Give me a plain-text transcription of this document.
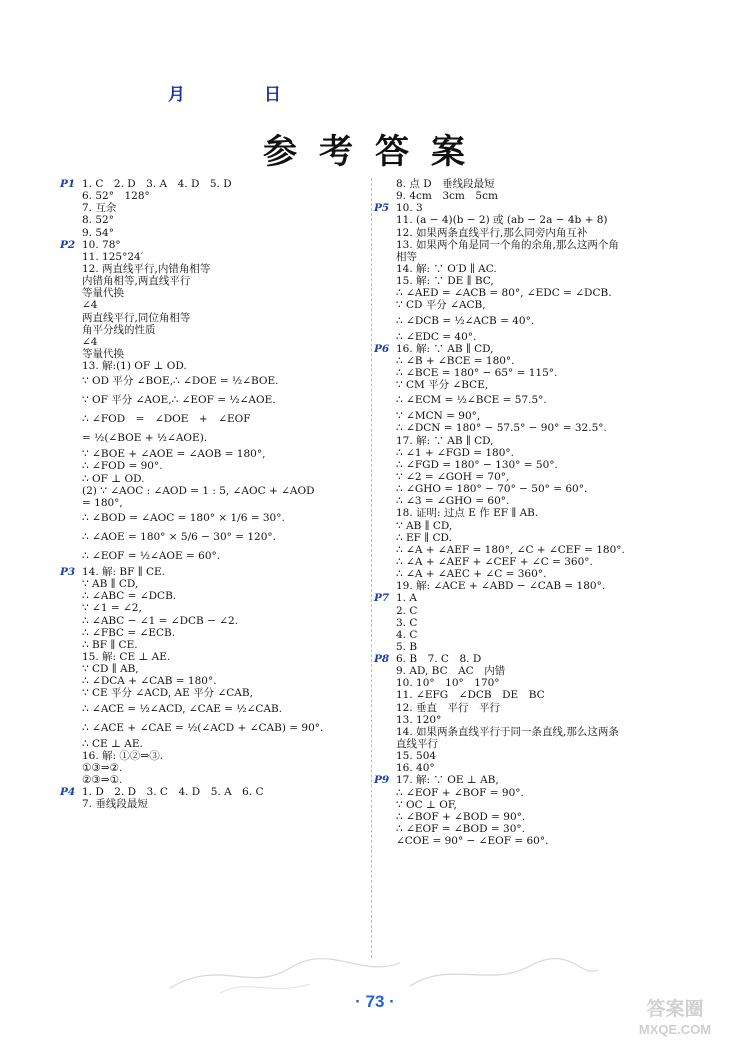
月	日
参考答案
P1 1. C　2. D　3. A　4. D　5. D
6. 52°　128°
7. 互余
8. 52°
9. 54°
P2 10. 78°
11. 125°24′
12. 两直线平行,内错角相等
内错角相等,两直线平行
等量代换
∠4
两直线平行,同位角相等
角平分线的性质
∠4
等量代换
13. 解:(1) OF ⊥ OD.
∵ OD 平分 ∠BOE,∴ ∠DOE = ½∠BOE.
∵ OF 平分 ∠AOE,∴ ∠EOF = ½∠AOE.
∴ ∠FOD　=　∠DOE　+　∠EOF
= ½(∠BOE + ½∠AOE).
∵ ∠BOE + ∠AOE = ∠AOB = 180°,
∴ ∠FOD = 90°.
∴ OF ⊥ OD.
(2) ∵ ∠AOC : ∠AOD = 1 : 5, ∠AOC + ∠AOD
= 180°,
∴ ∠BOD = ∠AOC = 180° × 1/6 = 30°.
∴ ∠AOE = 180° × 5/6 − 30° = 120°.
∴ ∠EOF = ½∠AOE = 60°.
P3 14. 解: BF ∥ CE.
∵ AB ∥ CD,
∴ ∠ABC = ∠DCB.
∵ ∠1 = ∠2,
∴ ∠ABC − ∠1 = ∠DCB − ∠2.
∴ ∠FBC = ∠ECB.
∴ BF ∥ CE.
15. 解: CE ⊥ AE.
∵ CD ∥ AB,
∴ ∠DCA + ∠CAB = 180°.
∵ CE 平分 ∠ACD, AE 平分 ∠CAB,
∴ ∠ACE = ½∠ACD, ∠CAE = ½∠CAB.
∴ ∠ACE + ∠CAE = ½(∠ACD + ∠CAB) = 90°.
∴ CE ⊥ AE.
16. 解: ①②⇒③.
①③⇒②.
②③⇒①.
P4 1. D　2. D　3. C　4. D　5. A　6. C
7. 垂线段最短
8. 点 D　垂线段最短
9. 4cm　3cm　5cm
P5 10. 3
11. (a − 4)(b − 2) 或 (ab − 2a − 4b + 8)
12. 如果两条直线平行,那么同旁内角互补
13. 如果两个角是同一个角的余角,那么这两个角
相等
14. 解: ∵ O′D ∥ AC.
15. 解: ∵ DE ∥ BC,
∴ ∠AED = ∠ACB = 80°, ∠EDC = ∠DCB.
∵ CD 平分 ∠ACB,
∴ ∠DCB = ½∠ACB = 40°.
∴ ∠EDC = 40°.
P6 16. 解: ∵ AB ∥ CD,
∴ ∠B + ∠BCE = 180°.
∴ ∠BCE = 180° − 65° = 115°.
∵ CM 平分 ∠BCE,
∴ ∠ECM = ½∠BCE = 57.5°.
∵ ∠MCN = 90°,
∴ ∠DCN = 180° − 57.5° − 90° = 32.5°.
17. 解: ∵ AB ∥ CD,
∴ ∠1 + ∠FGD = 180°.
∴ ∠FGD = 180° − 130° = 50°.
∵ ∠2 = ∠GOH = 70°,
∴ ∠GHO = 180° − 70° − 50° = 60°.
∴ ∠3 = ∠GHO = 60°.
18. 证明: 过点 E 作 EF ∥ AB.
∵ AB ∥ CD,
∴ EF ∥ CD.
∴ ∠A + ∠AEF = 180°, ∠C + ∠CEF = 180°.
∴ ∠A + ∠AEF + ∠CEF + ∠C = 360°.
∴ ∠A + ∠AEC + ∠C = 360°.
19. 解: ∠ACE + ∠ABD − ∠CAB = 180°.
P7 1. A
2. C
3. C
4. C
5. B
P8 6. B　7. C　8. D
9. AD, BC　AC　内错
10. 10°　10°　170°
11. ∠EFG　∠DCB　DE　BC
12. 垂直　平行　平行
13. 120°
14. 如果两条直线平行于同一条直线,那么这两条
直线平行
15. 504
16. 40°
P9 17. 解: ∵ OE ⊥ AB,
∴ ∠EOF + ∠BOF = 90°.
∵ OC ⊥ OF,
∴ ∠BOF + ∠BOD = 90°.
∴ ∠EOF = ∠BOD = 30°.
∠COE = 90° − ∠EOF = 60°.
· 73 ·	答案圈
MXQE.COM
